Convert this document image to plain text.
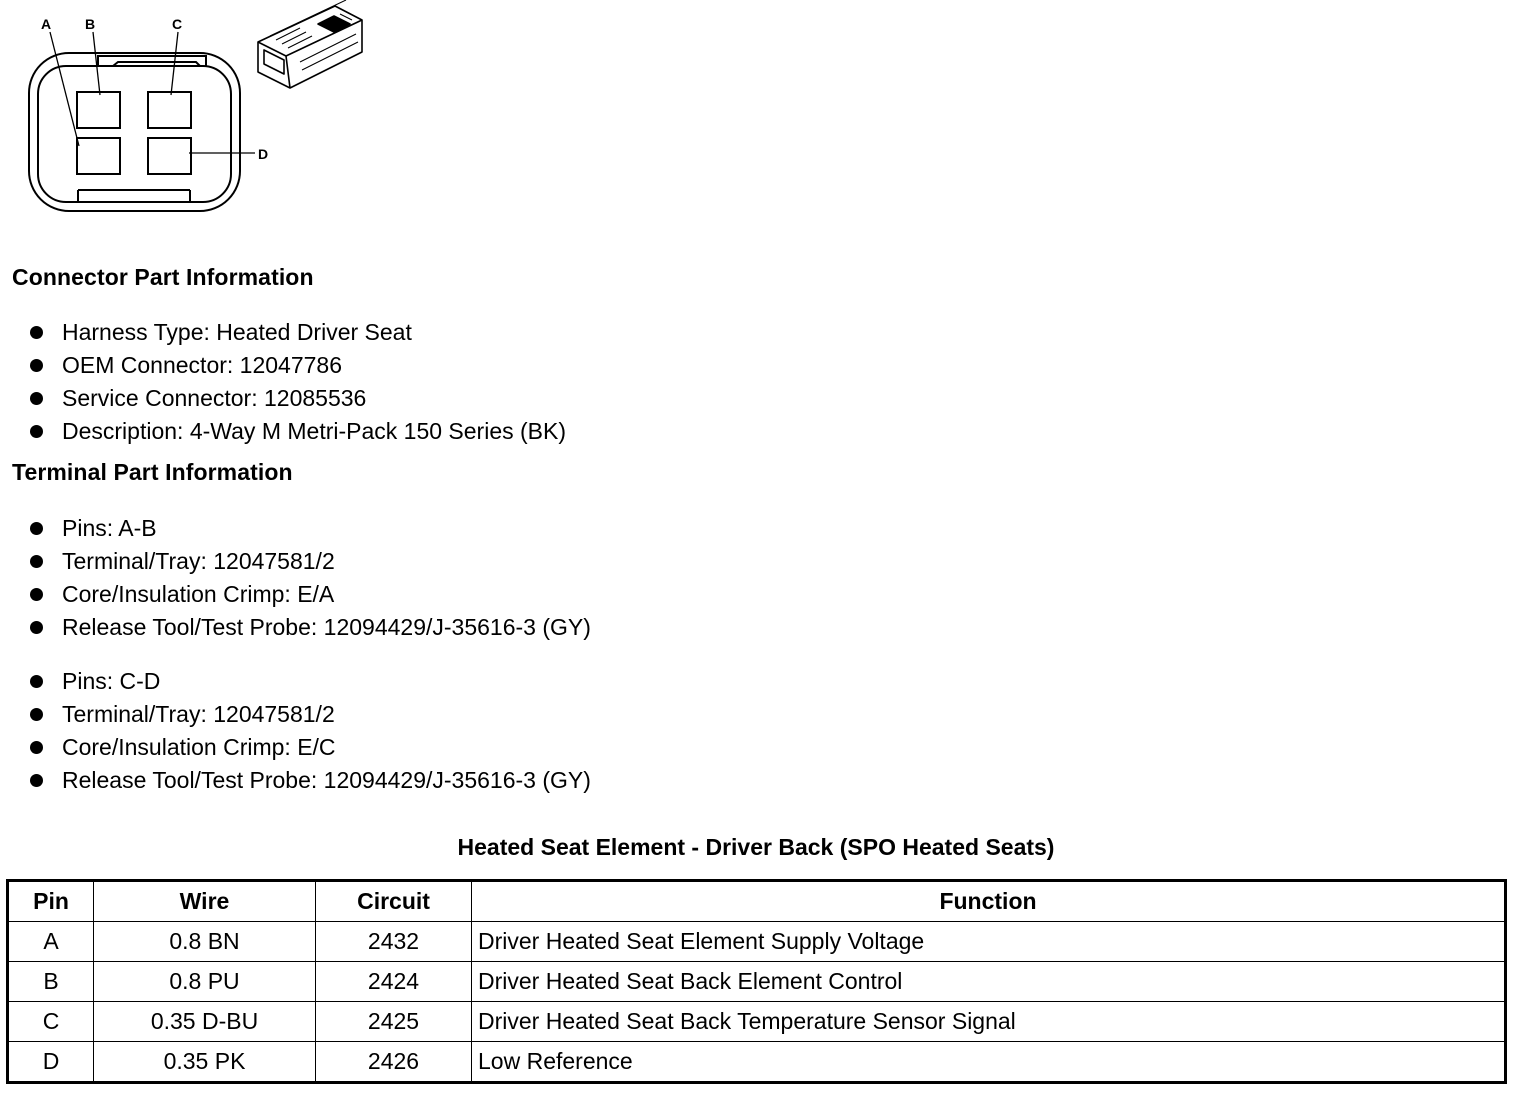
A B	C
D
Connector Part Information
Harness Type: Heated Driver Seat
OEM Connector: 12047786
Service Connector: 12085536
Description: 4-Way M Metri-Pack 150 Series (BK)
Terminal Part Information
Pins: A-B
Terminal/Tray: 12047581/2
Core/Insulation Crimp: E/A
Release Tool/Test Probe: 12094429/J-35616-3 (GY)
Pins: C-D
Terminal/Tray: 12047581/2
Core/Insulation Crimp: E/C
Release Tool/Test Probe: 12094429/J-35616-3 (GY)
Heated Seat Element - Driver Back (SPO Heated Seats)
Pin	Wire	Circuit	Function
A	0.8 BN	2432	Driver Heated Seat Element Supply Voltage
B	0.8 PU	2424	Driver Heated Seat Back Element Control
C	0.35 D-BU	2425	Driver Heated Seat Back Temperature Sensor Signal
D	0.35 PK	2426	Low Reference
